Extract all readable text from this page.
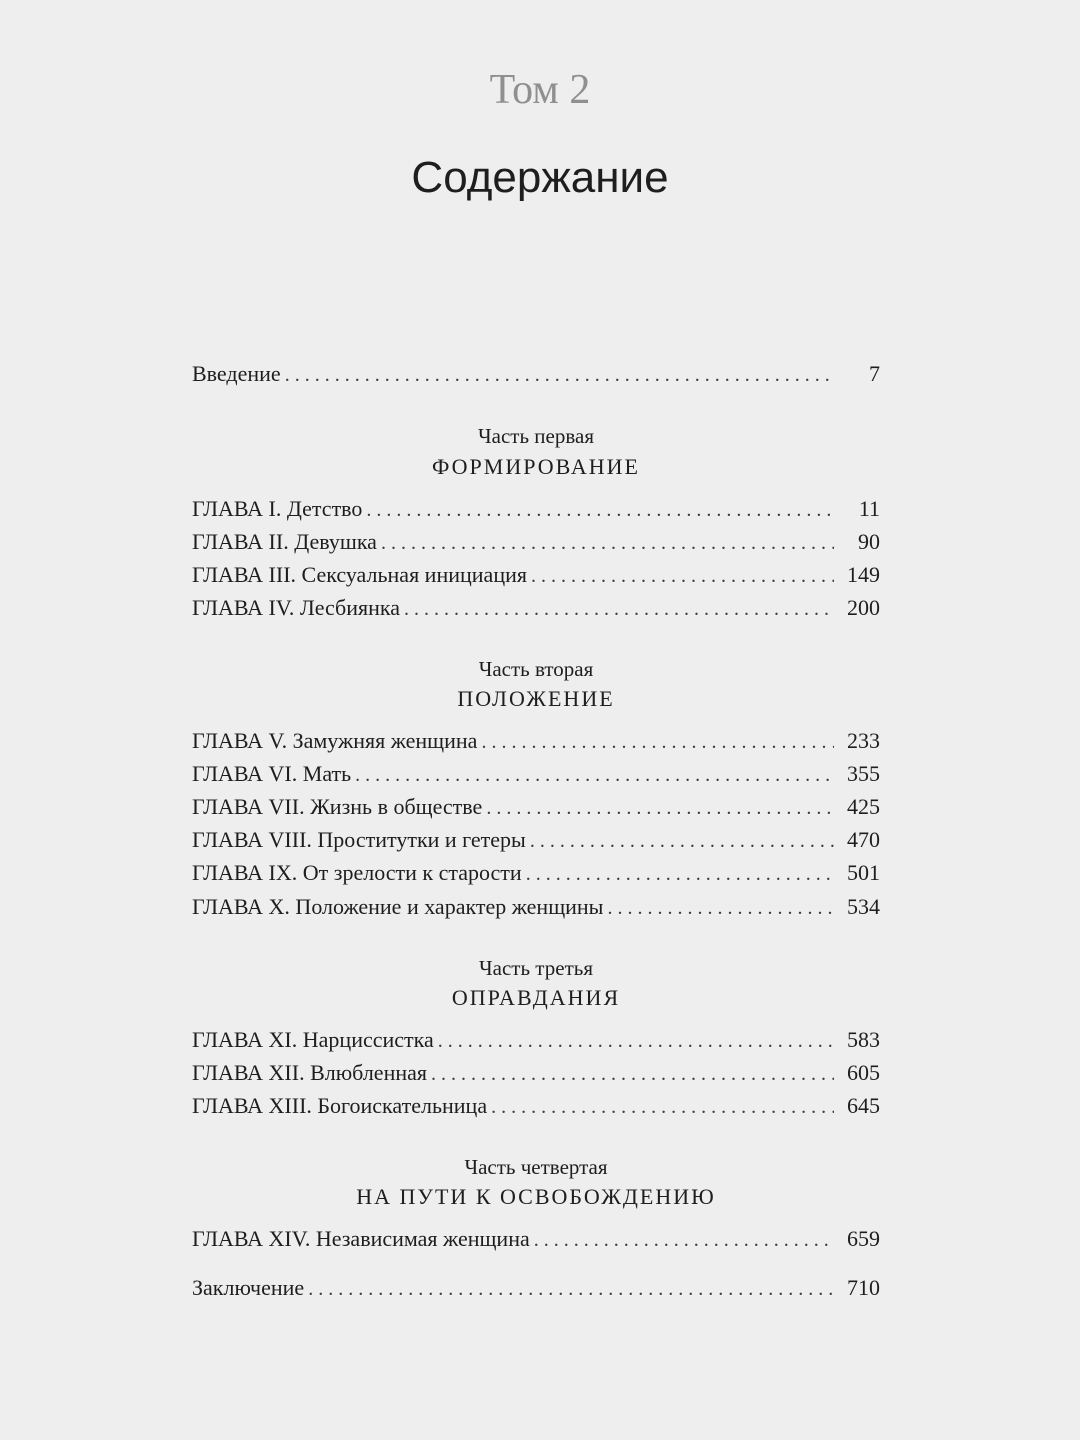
Том 2
Содержание
Введение . . .	7
Часть первая
ФОРМИРОВАНИЕ
ГЛАВА I. Детство . . .	11
ГЛАВА II. Девушка . . .	90
ГЛАВА III. Сексуальная инициация . . .	149
ГЛАВА IV. Лесбиянка . . .	200
Часть вторая
ПОЛОЖЕНИЕ
ГЛАВА V. Замужняя женщина . . .	233
ГЛАВА VI. Мать . . .	355
ГЛАВА VII. Жизнь в обществе . . .	425
ГЛАВА VIII. Проститутки и гетеры . . .	470
ГЛАВА IX. От зрелости к старости . . .	501
ГЛАВА X. Положение и характер женщины . . .	534
Часть третья
ОПРАВДАНИЯ
ГЛАВА XI. Нарциссистка . . .	583
ГЛАВА XII. Влюбленная . . .	605
ГЛАВА XIII. Богоискательница . . .	645
Часть четвертая
НА ПУТИ К ОСВОБОЖДЕНИЮ
ГЛАВА XIV. Независимая женщина . . .	659
Заключение . . .	710
